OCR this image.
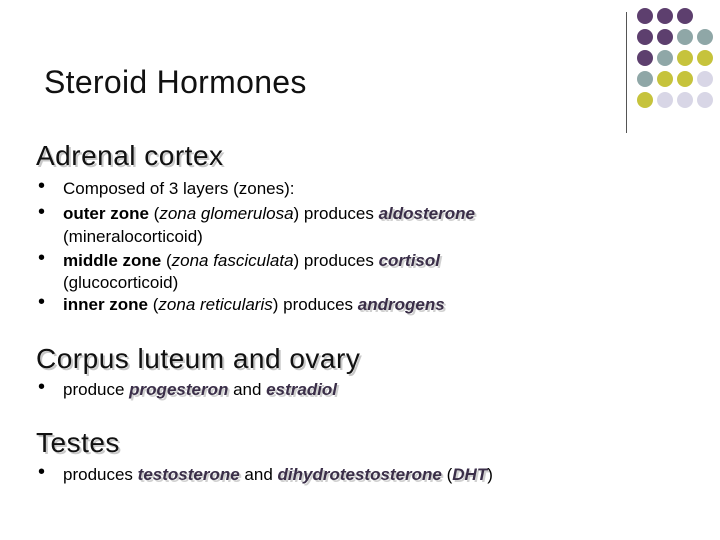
Steroid Hormones
Adrenal cortex
• Composed of 3 layers (zones):
• outer zone (zona glomerulosa) produces aldosterone
(mineralocorticoid)
• middle zone (zona fasciculata) produces cortisol
(glucocorticoid)
• inner zone (zona reticularis) produces androgens
Corpus luteum and ovary
• produce progesteron and estradiol
Testes
• produces testosterone and dihydrotestosterone (DHT)
